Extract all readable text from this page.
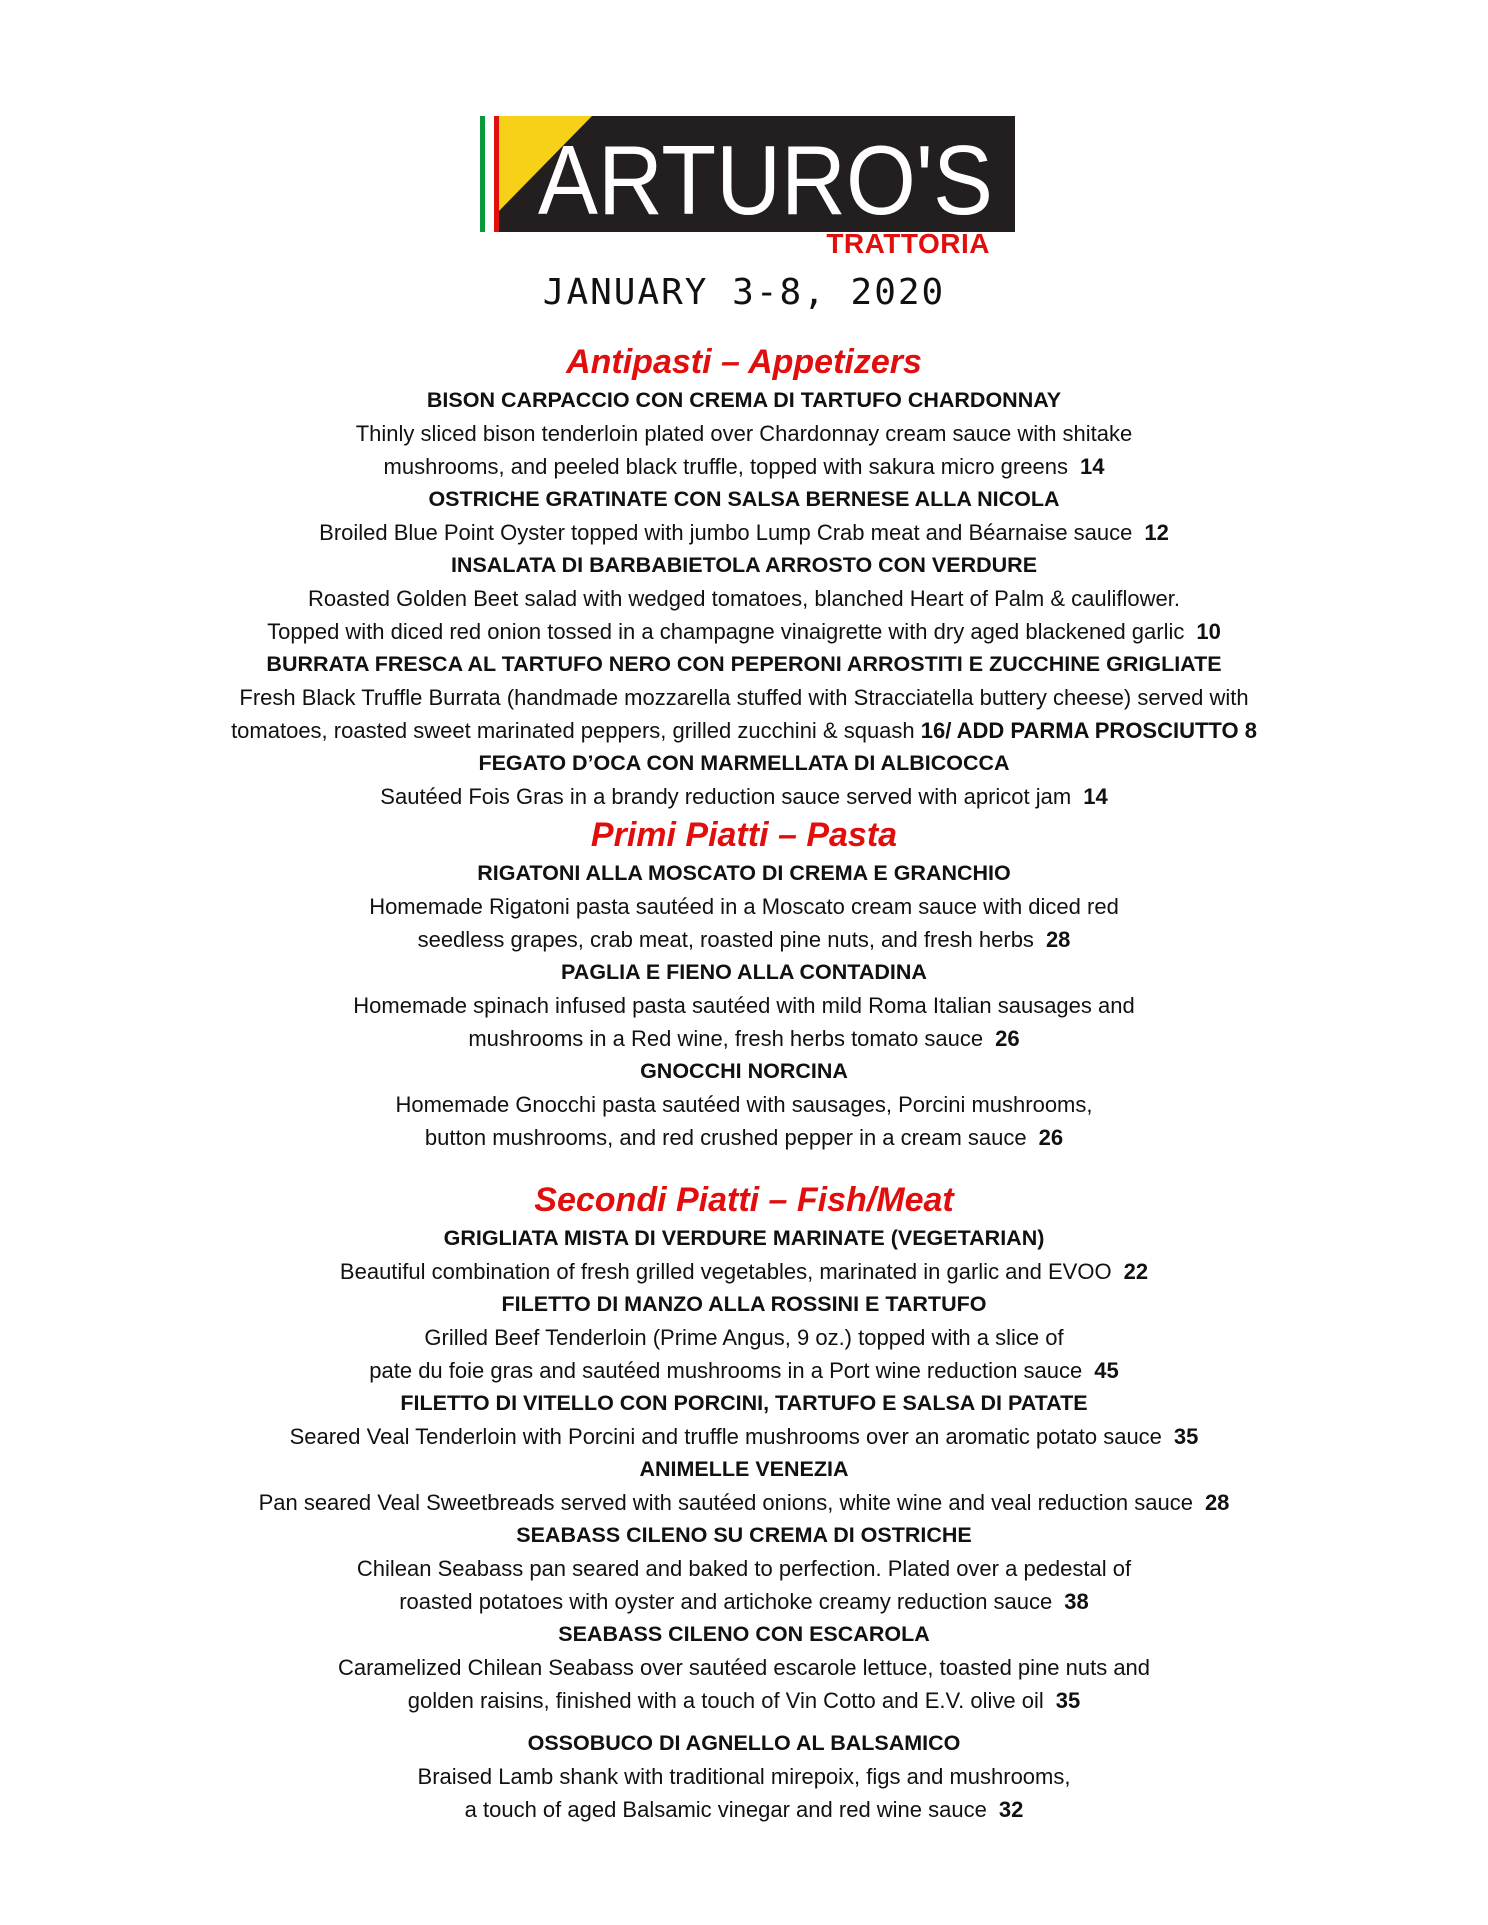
ARTURO'S
TRATTORIA
JANUARY 3-8, 2020
Antipasti – Appetizers
BISON CARPACCIO CON CREMA DI TARTUFO CHARDONNAY
Thinly sliced bison tenderloin plated over Chardonnay cream sauce with shitake
mushrooms, and peeled black truffle, topped with sakura micro greens 14
OSTRICHE GRATINATE CON SALSA BERNESE ALLA NICOLA
Broiled Blue Point Oyster topped with jumbo Lump Crab meat and Béarnaise sauce 12
INSALATA DI BARBABIETOLA ARROSTO CON VERDURE
Roasted Golden Beet salad with wedged tomatoes, blanched Heart of Palm & cauliflower.
Topped with diced red onion tossed in a champagne vinaigrette with dry aged blackened garlic 10
BURRATA FRESCA AL TARTUFO NERO CON PEPERONI ARROSTITI E ZUCCHINE GRIGLIATE
Fresh Black Truffle Burrata (handmade mozzarella stuffed with Stracciatella buttery cheese) served with
tomatoes, roasted sweet marinated peppers, grilled zucchini & squash 16/ ADD PARMA PROSCIUTTO 8
FEGATO D’OCA CON MARMELLATA DI ALBICOCCA
Sautéed Fois Gras in a brandy reduction sauce served with apricot jam 14
Primi Piatti – Pasta
RIGATONI ALLA MOSCATO DI CREMA E GRANCHIO
Homemade Rigatoni pasta sautéed in a Moscato cream sauce with diced red
seedless grapes, crab meat, roasted pine nuts, and fresh herbs 28
PAGLIA E FIENO ALLA CONTADINA
Homemade spinach infused pasta sautéed with mild Roma Italian sausages and
mushrooms in a Red wine, fresh herbs tomato sauce 26
GNOCCHI NORCINA
Homemade Gnocchi pasta sautéed with sausages, Porcini mushrooms,
button mushrooms, and red crushed pepper in a cream sauce 26
Secondi Piatti – Fish/Meat
GRIGLIATA MISTA DI VERDURE MARINATE (VEGETARIAN)
Beautiful combination of fresh grilled vegetables, marinated in garlic and EVOO 22
FILETTO DI MANZO ALLA ROSSINI E TARTUFO
Grilled Beef Tenderloin (Prime Angus, 9 oz.) topped with a slice of
pate du foie gras and sautéed mushrooms in a Port wine reduction sauce 45
FILETTO DI VITELLO CON PORCINI, TARTUFO E SALSA DI PATATE
Seared Veal Tenderloin with Porcini and truffle mushrooms over an aromatic potato sauce 35
ANIMELLE VENEZIA
Pan seared Veal Sweetbreads served with sautéed onions, white wine and veal reduction sauce 28
SEABASS CILENO SU CREMA DI OSTRICHE
Chilean Seabass pan seared and baked to perfection. Plated over a pedestal of
roasted potatoes with oyster and artichoke creamy reduction sauce 38
SEABASS CILENO CON ESCAROLA
Caramelized Chilean Seabass over sautéed escarole lettuce, toasted pine nuts and
golden raisins, finished with a touch of Vin Cotto and E.V. olive oil 35
OSSOBUCO DI AGNELLO AL BALSAMICO
Braised Lamb shank with traditional mirepoix, figs and mushrooms,
a touch of aged Balsamic vinegar and red wine sauce 32
